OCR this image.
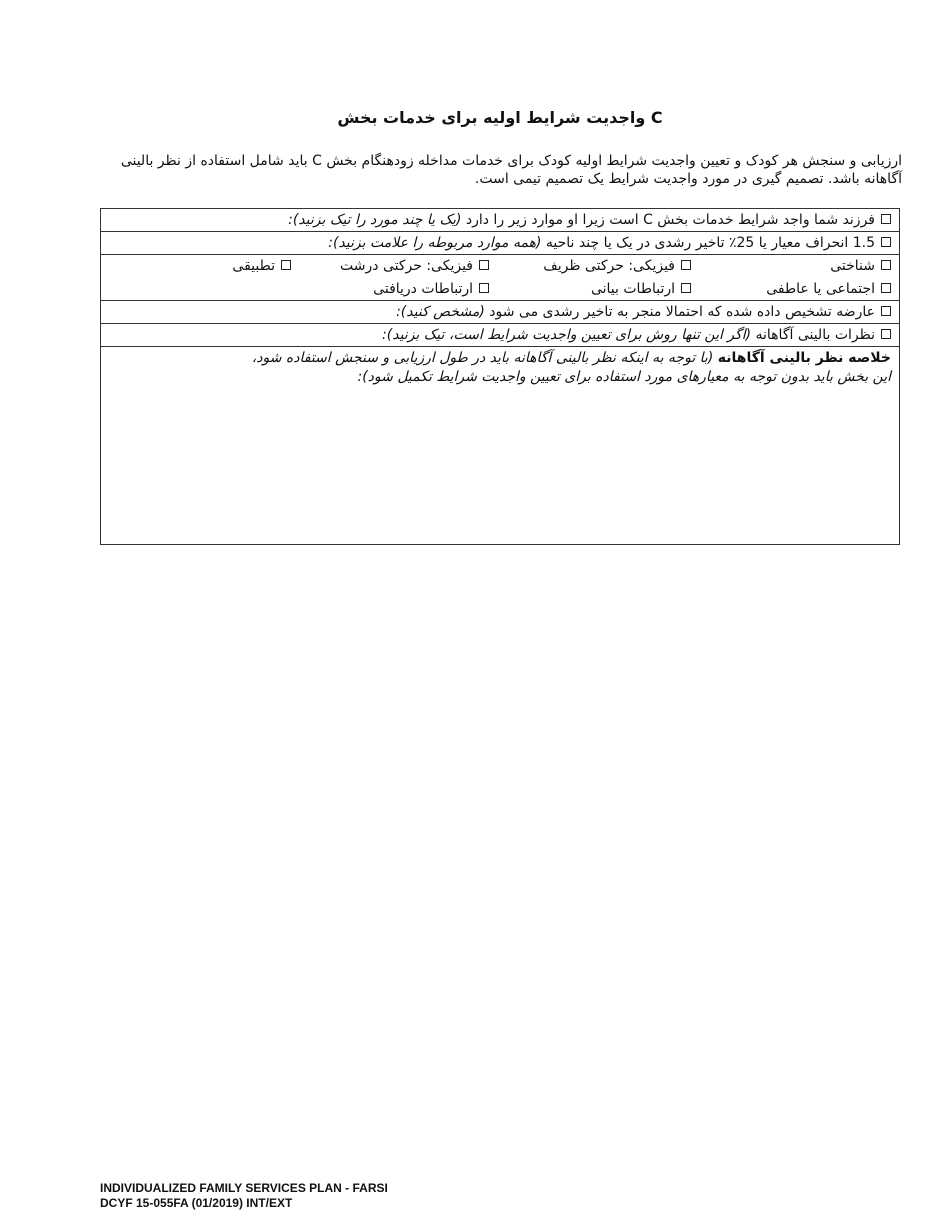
واجدیت شرایط اولیه برای خدمات بخش C
ارزیابی و سنجش هر کودک و تعیین واجدیت شرایط اولیه کودک برای خدمات مداخله زودهنگام بخش C باید شامل استفاده از نظر بالینی آگاهانه باشد. تصمیم گیری در مورد واجدیت شرایط یک تصمیم تیمی است.
فرزند شما واجد شرایط خدمات بخش C است زیرا او موارد زیر را دارد (یک یا چند مورد را تیک بزنید):
1.5 انحراف معیار یا 25٪ تاخیر رشدی در یک یا چند ناحیه (همه موارد مربوطه را علامت بزنید):
شناختی
فیزیکی: حرکتی ظریف
فیزیکی: حرکتی درشت
تطبیقی
اجتماعی یا عاطفی
ارتباطات بیانی
ارتباطات دریافتی
عارضه تشخیص داده شده که احتمالا منجر به تاخیر رشدی می شود (مشخص کنید):
نظرات بالینی آگاهانه (اگر این تنها روش برای تعیین واجدیت شرایط است، تیک بزنید):
خلاصه نظر بالینی آگاهانه (با توجه به اینکه نظر بالینی آگاهانه باید در طول ارزیابی و سنجش استفاده شود،
این بخش باید بدون توجه به معیارهای مورد استفاده برای تعیین واجدیت شرایط تکمیل شود):
INDIVIDUALIZED FAMILY SERVICES PLAN - FARSI
DCYF 15-055FA (01/2019) INT/EXT
